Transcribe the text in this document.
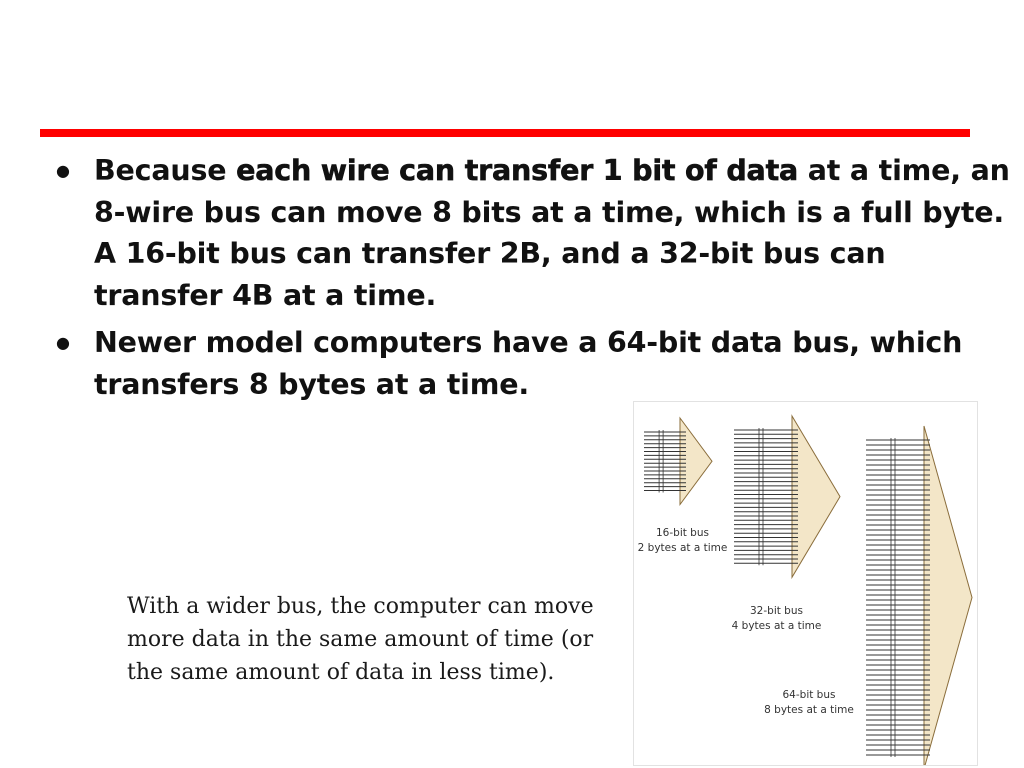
● Because each wire can transfer 1 bit of data at a time, an 8-wire bus can move 8 bits at a time, which is a full byte. A 16-bit bus can transfer 2B, and a 32-bit bus can transfer 4B at a time.
● Newer model computers have a 64-bit data bus, which transfers 8 bytes at a time.
With a wider bus, the computer can move more data in the same amount of time (or the same amount of data in less time).
16-bit bus
2 bytes at a time
32-bit bus
4 bytes at a time
64-bit bus
8 bytes at a time
